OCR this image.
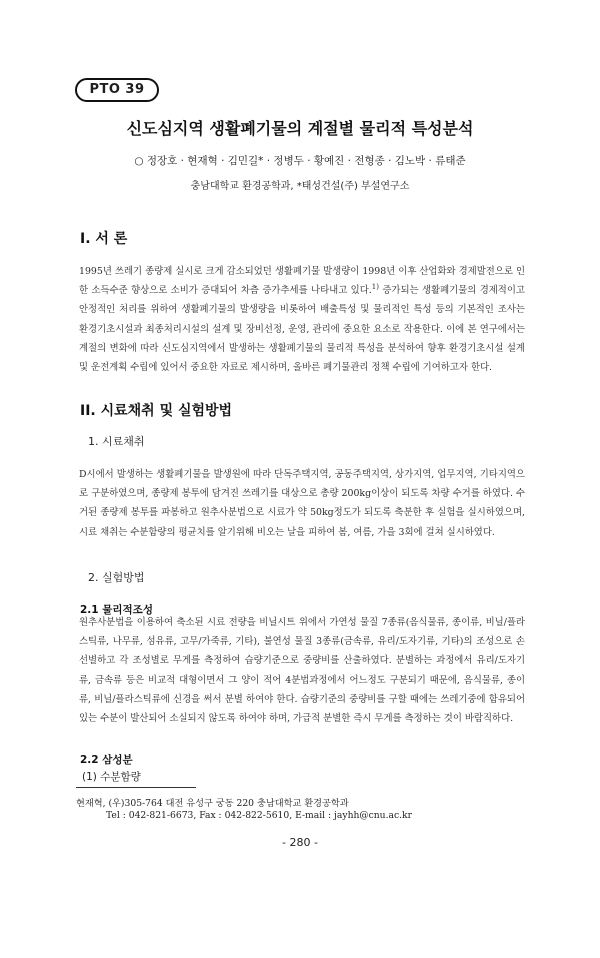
PTO 39
신도심지역 생활폐기물의 계절별 물리적 특성분석
○ 정장호 · 현재혁 · 김민길* · 정병두 · 황예진 · 전형종 · 김노박 · 류태준
충남대학교 환경공학과, *태성건설(주) 부설연구소
I. 서 론
1995년 쓰레기 종량제 실시로 크게 감소되었던 생활폐기물 발생량이 1998년 이후 산업화와 경제발전으로 인한 소득수준 향상으로 소비가 증대되어 차츰 증가추세를 나타내고 있다.$^{1)}$ 증가되는 생활폐기물의 경제적이고 안정적인 처리를 위하여 생활폐기물의 발생량을 비롯하여 배출특성 및 물리적인 특성 등의 기본적인 조사는 환경기초시설과 최종처리시설의 설계 및 장비선정, 운영, 관리에 중요한 요소로 작용한다. 이에 본 연구에서는 계절의 변화에 따라 신도심지역에서 발생하는 생활폐기물의 물리적 특성을 분석하여 향후 환경기초시설 설계 및 운전계획 수립에 있어서 중요한 자료로 제시하며, 올바른 폐기물관리 정책 수립에 기여하고자 한다.
II. 시료채취 및 실험방법
1. 시료채취
D시에서 발생하는 생활폐기물을 발생원에 따라 단독주택지역, 공동주택지역, 상가지역, 업무지역, 기타지역으로 구분하였으며, 종량제 봉투에 담겨진 쓰레기를 대상으로 총량 200kg이상이 되도록 차량 수거를 하였다. 수거된 종량제 봉투를 파봉하고 원추사분법으로 시료가 약 50kg정도가 되도록 축분한 후 실험을 실시하였으며, 시료 채취는 수분함량의 평균치를 알기위해 비오는 날을 피하여 봄, 여름, 가을 3회에 걸쳐 실시하였다.
2. 실험방법
2.1 물리적조성
원추사분법을 이용하여 축소된 시료 전량을 비닐시트 위에서 가연성 물질 7종류(음식물류, 종이류, 비닐/플라스틱류, 나무류, 섬유류, 고무/가죽류, 기타), 불연성 물질 3종류(금속류, 유리/도자기류, 기타)의 조성으로 손선별하고 각 조성별로 무게를 측정하여 습량기준으로 중량비를 산출하였다. 분별하는 과정에서 유리/도자기류, 금속류 등은 비교적 대형이면서 그 양이 적어 4분법과정에서 어느정도 구분되기 때문에, 음식물류, 종이류, 비닐/플라스틱류에 신경을 써서 분별 하여야 한다. 습량기준의 중량비를 구할 때에는 쓰레기중에 함유되어 있는 수분이 발산되어 소실되지 않도록 하여야 하며, 가급적 분별한 즉시 무게를 측정하는 것이 바람직하다.
2.2 삼성분
(1) 수분함량
현재혁, (우)305-764 대전 유성구 궁동 220 충남대학교 환경공학과
Tel : 042-821-6673, Fax : 042-822-5610, E-mail : jayhh@cnu.ac.kr
- 280 -
